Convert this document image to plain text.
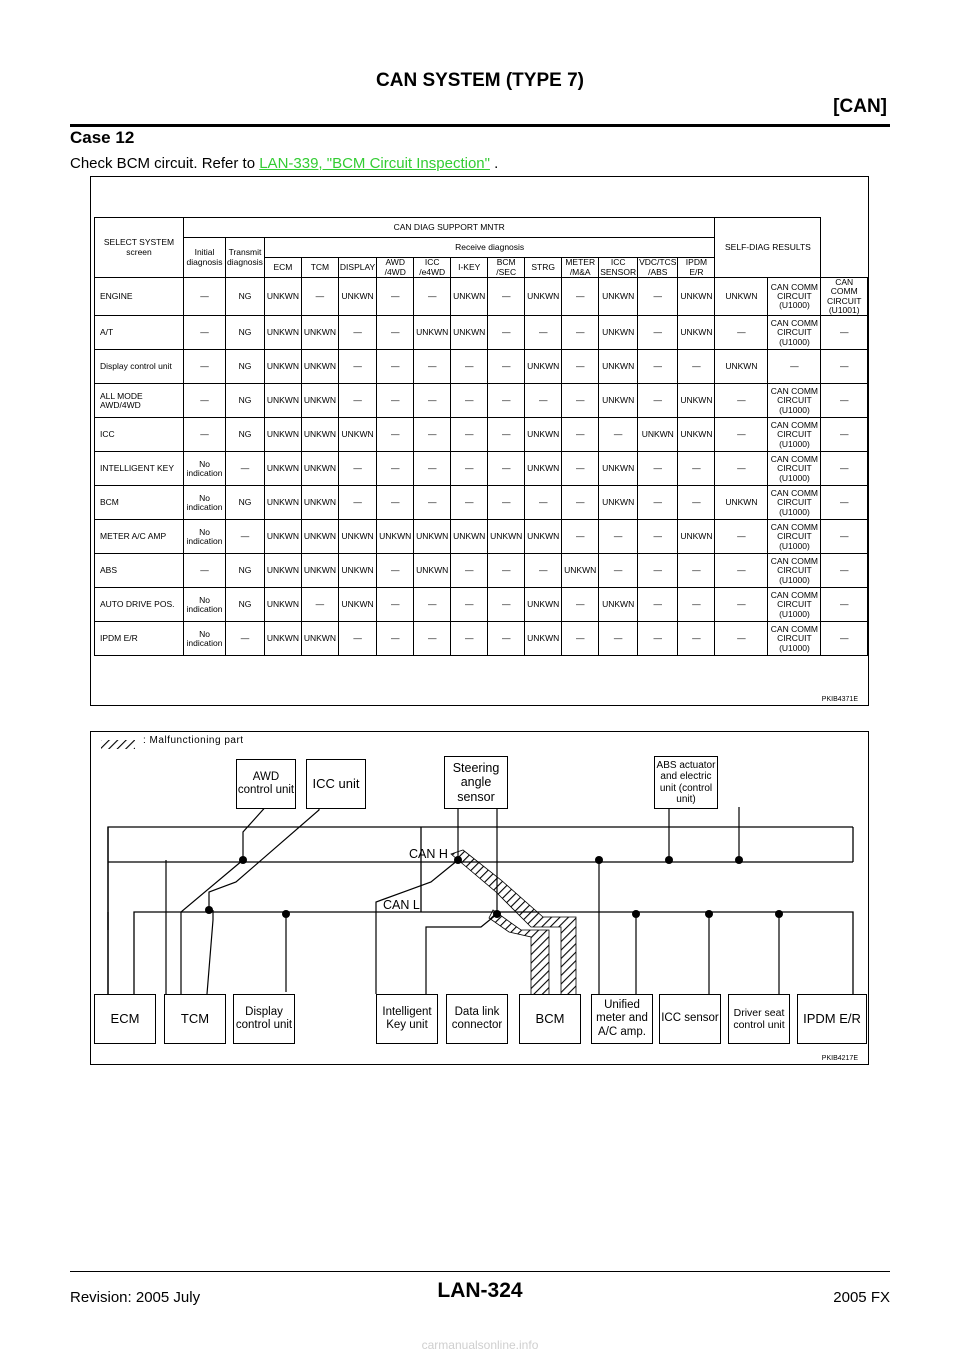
CAN SYSTEM (TYPE 7)
[CAN]
Case 12
Check BCM circuit. Refer to LAN-339, "BCM Circuit Inspection" .
SELECT SYSTEM screen	CAN DIAG SUPPORT MNTR														SELF-DIAG RESULTS		
	Initial diagnosis	Transmit diagnosis	Receive diagnosis														
			ECM	TCM	DISPLAY	AWD /4WD	ICC /e4WD	I-KEY	BCM /SEC	STRG	METER /M&A	ICC SENSOR	VDC/TCS /ABS	IPDM E/R			
ENGINE	—	NG	UNKWN	—	UNKWN	—	—	UNKWN	—	UNKWN	—	UNKWN	—	UNKWN	UNKWN	CAN COMM CIRCUIT (U1000)	CAN COMM CIRCUIT (U1001)
A/T	—	NG	UNKWN	UNKWN	—	—	UNKWN	UNKWN	—	—	—	UNKWN	—	UNKWN	—	CAN COMM CIRCUIT (U1000)	—
Display control unit	—	NG	UNKWN	UNKWN	—	—	—	—	—	UNKWN	—	UNKWN	—	—	UNKWN	—	—
ALL MODE AWD/4WD	—	NG	UNKWN	UNKWN	—	—	—	—	—	—	—	UNKWN	—	UNKWN	—	CAN COMM CIRCUIT (U1000)	—
ICC	—	NG	UNKWN	UNKWN	UNKWN	—	—	—	—	UNKWN	—	—	UNKWN	UNKWN	—	CAN COMM CIRCUIT (U1000)	—
INTELLIGENT KEY	No indication	—	UNKWN	UNKWN	—	—	—	—	—	UNKWN	—	UNKWN	—	—	—	CAN COMM CIRCUIT (U1000)	—
BCM	No indication	NG	UNKWN	UNKWN	—	—	—	—	—	—	—	UNKWN	—	—	UNKWN	CAN COMM CIRCUIT (U1000)	—
METER A/C AMP	No indication	—	UNKWN	UNKWN	UNKWN	UNKWN	UNKWN	UNKWN	UNKWN	UNKWN	—	—	—	UNKWN	—	CAN COMM CIRCUIT (U1000)	—
ABS	—	NG	UNKWN	UNKWN	UNKWN	—	UNKWN	—	—	—	UNKWN	—	—	—	—	CAN COMM CIRCUIT (U1000)	—
AUTO DRIVE POS.	No indication	NG	UNKWN	—	UNKWN	—	—	—	—	UNKWN	—	UNKWN	—	—	—	CAN COMM CIRCUIT (U1000)	—
IPDM E/R	No indication	—	UNKWN	UNKWN	—	—	—	—	—	UNKWN	—	—	—	—	—	CAN COMM CIRCUIT (U1000)	—
PKIB4371E
: Malfunctioning part
CAN H
CAN L
AWD control unit	ICC unit
Steering angle sensor
ABS actuator and electric unit (control unit)
ECM	TCM	Display control unit
Intelligent Key unit
Data link connector	BCM
Unified meter and A/C amp.
ICC sensor	Driver seat control unit	IPDM E/R
PKIB4217E
Revision: 2005 July	LAN-324	2005 FX
carmanualsonline.info
